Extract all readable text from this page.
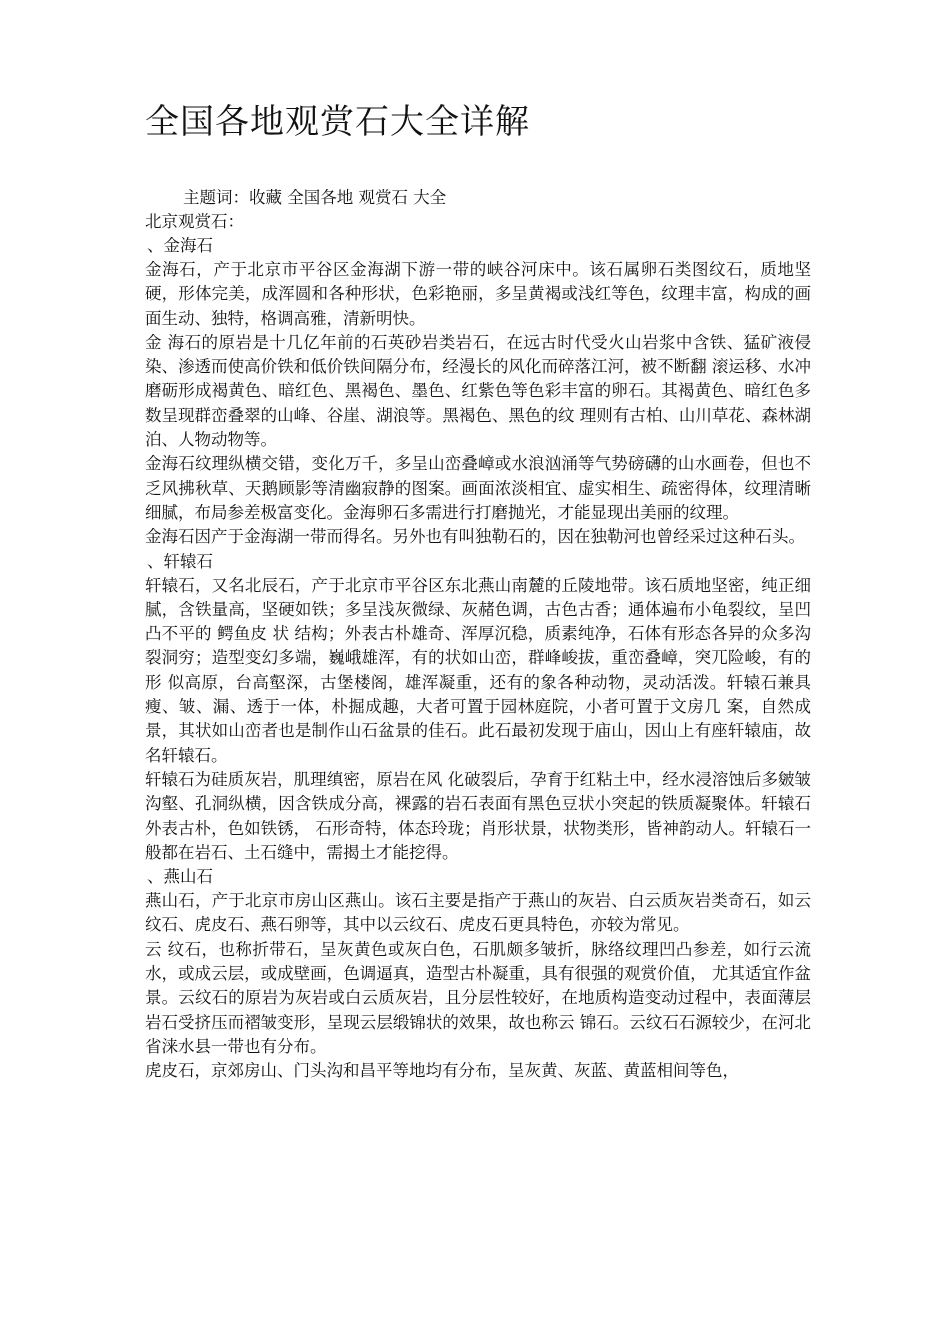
全国各地观赏石大全详解
主题词：收藏 全国各地 观赏石 大全
北京观赏石：
、金海石

金海石，产于北京市平谷区金海湖下游一带的峡谷河床中。该石属卵石类图纹石，质地坚硬，形体完美，成浑圆和各种形状，色彩艳丽，多呈黄褐或浅红等色，纹理丰富，构成的画面生动、独特，格调高雅，清新明快。

金 海石的原岩是十几亿年前的石英砂岩类岩石，在远古时代受火山岩浆中含铁、猛矿液侵染、渗透而使高价铁和低价铁间隔分布，经漫长的风化而碎落江河，被不断翻 滚运移、水冲磨砺形成褐黄色、暗红色、黑褐色、墨色、红紫色等色彩丰富的卵石。其褐黄色、暗红色多数呈现群峦叠翠的山峰、谷崖、湖浪等。黑褐色、黑色的纹 理则有古柏、山川草花、森林湖泊、人物动物等。

金海石纹理纵横交错，变化万千，多呈山峦叠嶂或水浪汹涌等气势磅礴的山水画卷，但也不乏风拂秋草、天鹅顾影等清幽寂静的图案。画面浓淡相宜、虚实相生、疏密得体，纹理清晰细腻，布局参差极富变化。金海卵石多需进行打磨抛光，才能显现出美丽的纹理。

金海石因产于金海湖一带而得名。另外也有叫独勒石的，因在独勒河也曾经采过这种石头。

、轩辕石

轩辕石，又名北辰石，产于北京市平谷区东北燕山南麓的丘陵地带。该石质地坚密，纯正细腻，含铁量高，坚硬如铁；多呈浅灰微绿、灰赭色调，古色古香；通体遍布小龟裂纹，呈凹凸不平的 鳄鱼皮 状 结构；外表古朴雄奇、浑厚沉稳，质素纯净，石体有形态各异的众多沟裂洞穷；造型变幻多端，巍峨雄浑，有的状如山峦，群峰峻拔，重峦叠嶂，突兀险峻，有的形 似高原，台高壑深，古堡楼阁，雄浑凝重，还有的象各种动物，灵动活泼。轩辕石兼具瘦、皱、漏、透于一体，朴掘成趣，大者可置于园林庭院，小者可置于文房几 案，自然成景，其状如山峦者也是制作山石盆景的佳石。此石最初发现于庙山，因山上有座轩辕庙，故名轩辕石。

轩辕石为硅质灰岩，肌理缜密，原岩在风 化破裂后，孕育于红粘土中，经水浸溶蚀后多皴皱沟壑、孔洞纵横，因含铁成分高，裸露的岩石表面有黑色豆状小突起的铁质凝聚体。轩辕石外表古朴，色如铁锈， 石形奇特，体态玲珑；肖形状景，状物类形，皆神韵动人。轩辕石一般都在岩石、土石缝中，需揭土才能挖得。

、燕山石

燕山石，产于北京市房山区燕山。该石主要是指产于燕山的灰岩、白云质灰岩类奇石，如云纹石、虎皮石、燕石卵等，其中以云纹石、虎皮石更具特色，亦较为常见。

云 纹石，也称折带石，呈灰黄色或灰白色，石肌颇多皱折，脉络纹理凹凸参差，如行云流水，或成云层，或成壁画，色调逼真，造型古朴凝重，具有很强的观赏价值， 尤其适宜作盆景。云纹石的原岩为灰岩或白云质灰岩，且分层性较好，在地质构造变动过程中，表面薄层岩石受挤压而褶皱变形，呈现云层缎锦状的效果，故也称云 锦石。云纹石石源较少，在河北省涞水县一带也有分布。

虎皮石，京郊房山、门头沟和昌平等地均有分布，呈灰黄、灰蓝、黄蓝相间等色，
